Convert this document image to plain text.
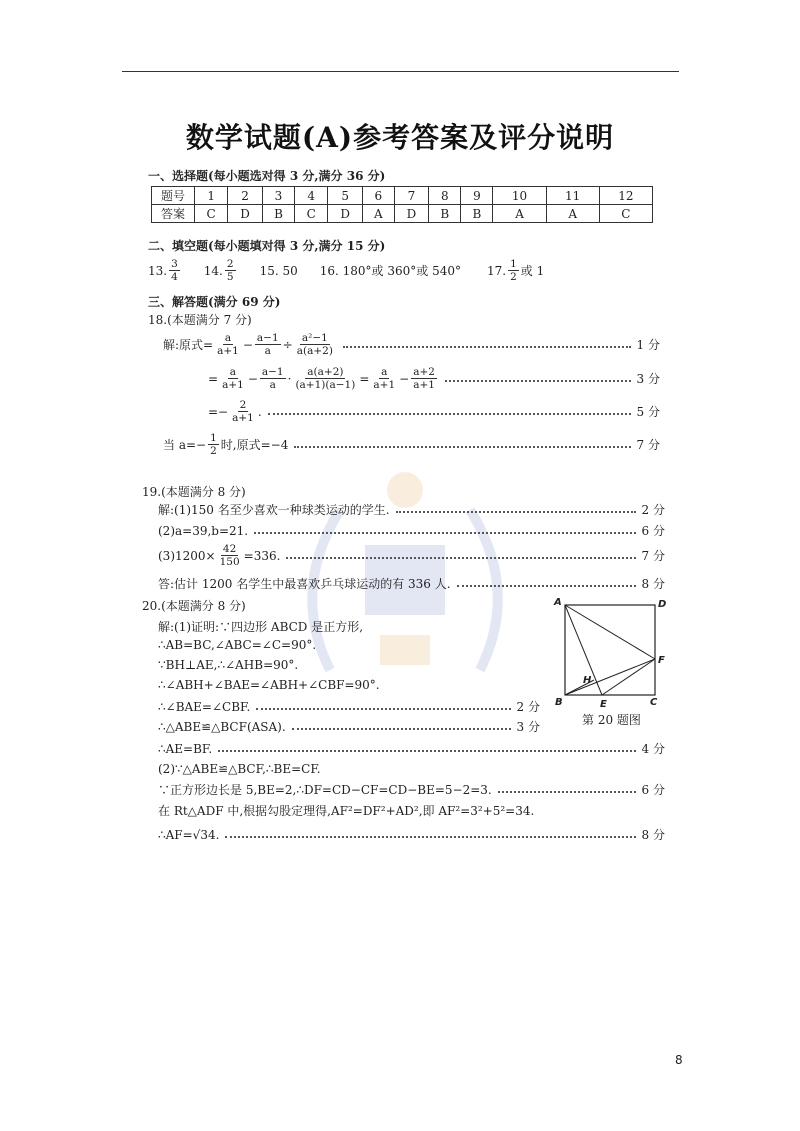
数学试题(A)参考答案及评分说明
一、选择题(每小题选对得 3 分,满分 36 分)
题号	1	2	3	4	5	6	7	8	9	10	11	12
答案	C	D	B	C	D	A	D	B	B	A	A	C
二、填空题(每小题填对得 3 分,满分 15 分)
13. $\frac{3}{4} 14$. $\frac{2}{5} 15$. 50 16. 180°或 360°或 540° 17. $\frac{1}{2}$ 或 1
三、解答题(满分 69 分)
18.(本题满分 7 分)
解:原式= $\frac{a}{a+1} - \frac{a-1}{a} \div \frac{\text{a²−1}}{a(a+2)}$	1 分
= $\frac{a}{a+1} - \frac{a-1}{a} \cdot \frac{a(a+2)}{(a+1)(a-1)} = \frac{a}{a+1} - \frac{a+2}{a+1}$	3 分
=− $\frac{2}{a+1}$ .	5 分
当 $a=- \frac{1}{2}$ 时,原式=−4	7 分
19.(本题满分 8 分)
解:(1)150 名至少喜欢一种球类运动的学生.	2 分
(2)a=39,b=21.	6 分
$(3)1200\times \frac{42}{150} =336$.	7 分
答:估计 1200 名学生中最喜欢乒乓球运动的有 336 人.	8 分
20.(本题满分 8 分)
解:(1)证明:∵四边形 ABCD 是正方形,
∴AB=BC,∠ABC=∠C=90°.
∵BH⊥AE,∴∠AHB=90°.
∴∠ABH+∠BAE=∠ABH+∠CBF=90°.
∴∠BAE=∠CBF.	2 分
∴△ABE≌△BCF(ASA).	3 分
∴AE=BF.	4 分
(2)∵△ABE≌△BCF,∴BE=CF.
∵正方形边长是 5,BE=2,∴DF=CD−CF=CD−BE=5−2=3.	6 分
在 Rt△ADF 中,根据勾股定理得,AF²=DF²+AD²,即 AF²=3²+5²=34.
∴AF=√34.	8 分
A	D
F
H
B	E	C
第 20 题图
8
